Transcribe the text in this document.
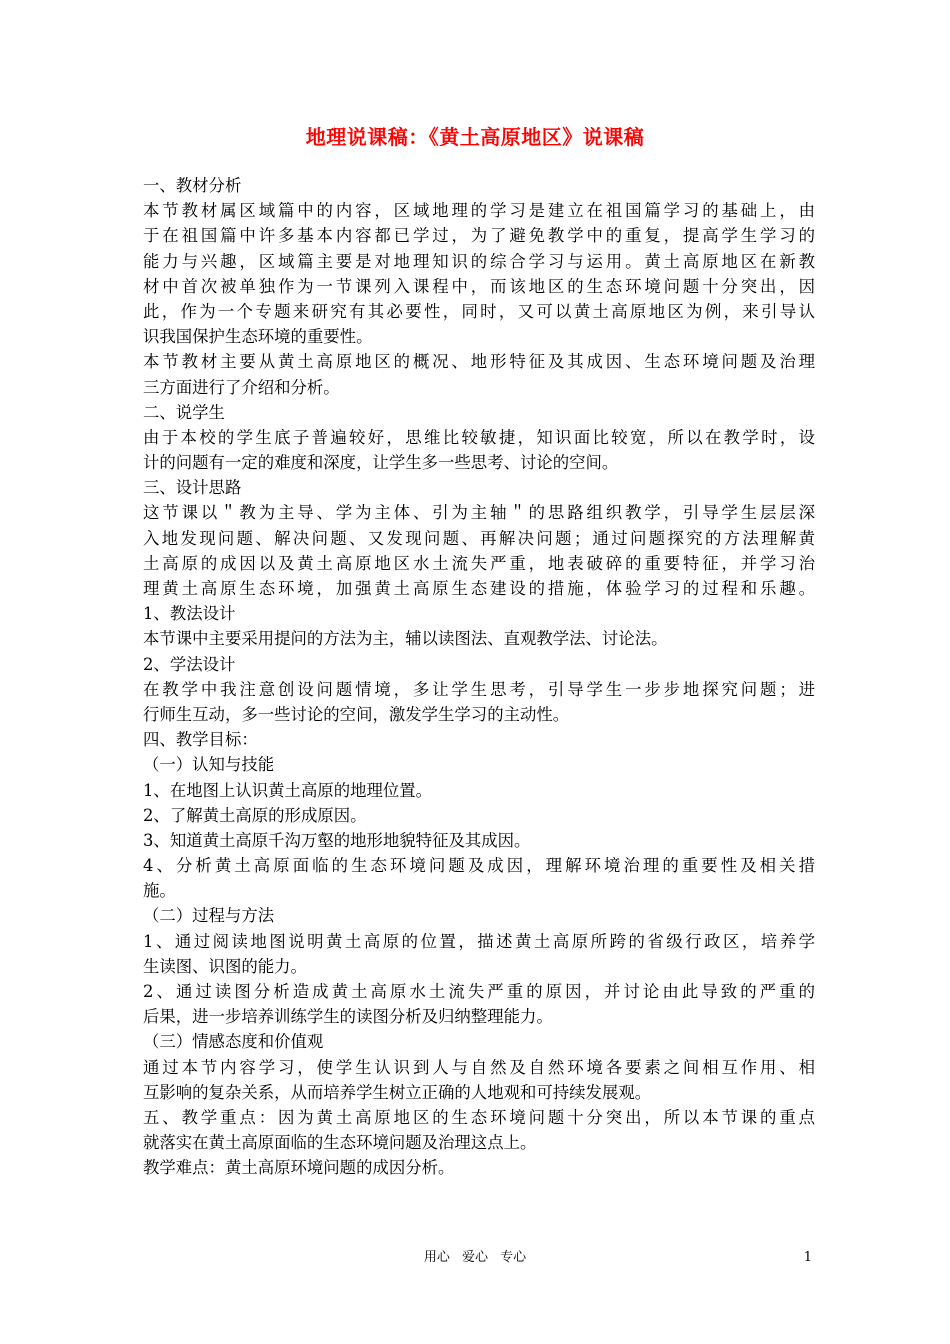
地理说课稿：《黄土高原地区》说课稿
一、教材分析
本节教材属区域篇中的内容，区域地理的学习是建立在祖国篇学习的基础上，由
于在祖国篇中许多基本内容都已学过，为了避免教学中的重复，提高学生学习的
能力与兴趣，区域篇主要是对地理知识的综合学习与运用。黄土高原地区在新教
材中首次被单独作为一节课列入课程中，而该地区的生态环境问题十分突出，因
此，作为一个专题来研究有其必要性，同时，又可以黄土高原地区为例，来引导认
识我国保护生态环境的重要性。
本节教材主要从黄土高原地区的概况、地形特征及其成因、生态环境问题及治理
三方面进行了介绍和分析。
二、说学生
由于本校的学生底子普遍较好，思维比较敏捷，知识面比较宽，所以在教学时，设
计的问题有一定的难度和深度，让学生多一些思考、讨论的空间。
三、设计思路
这节课以＂教为主导、学为主体、引为主轴＂的思路组织教学，引导学生层层深
入地发现问题、解决问题、又发现问题、再解决问题；通过问题探究的方法理解黄
土高原的成因以及黄土高原地区水土流失严重，地表破碎的重要特征，并学习治
理黄土高原生态环境，加强黄土高原生态建设的措施，体验学习的过程和乐趣。
1、教法设计
本节课中主要采用提问的方法为主，辅以读图法、直观教学法、讨论法。
2、学法设计
在教学中我注意创设问题情境，多让学生思考，引导学生一步步地探究问题；进
行师生互动，多一些讨论的空间，激发学生学习的主动性。
四、教学目标：
（一）认知与技能
1、在地图上认识黄土高原的地理位置。
2、了解黄土高原的形成原因。
3、知道黄土高原千沟万壑的地形地貌特征及其成因。
4、分析黄土高原面临的生态环境问题及成因，理解环境治理的重要性及相关措
施。
（二）过程与方法
1、通过阅读地图说明黄土高原的位置，描述黄土高原所跨的省级行政区，培养学
生读图、识图的能力。
2、通过读图分析造成黄土高原水土流失严重的原因，并讨论由此导致的严重的
后果，进一步培养训练学生的读图分析及归纳整理能力。
（三）情感态度和价值观
通过本节内容学习，使学生认识到人与自然及自然环境各要素之间相互作用、相
互影响的复杂关系，从而培养学生树立正确的人地观和可持续发展观。
五、教学重点：因为黄土高原地区的生态环境问题十分突出，所以本节课的重点
就落实在黄土高原面临的生态环境问题及治理这点上。
教学难点：黄土高原环境问题的成因分析。
用心 爱心 专心	1
